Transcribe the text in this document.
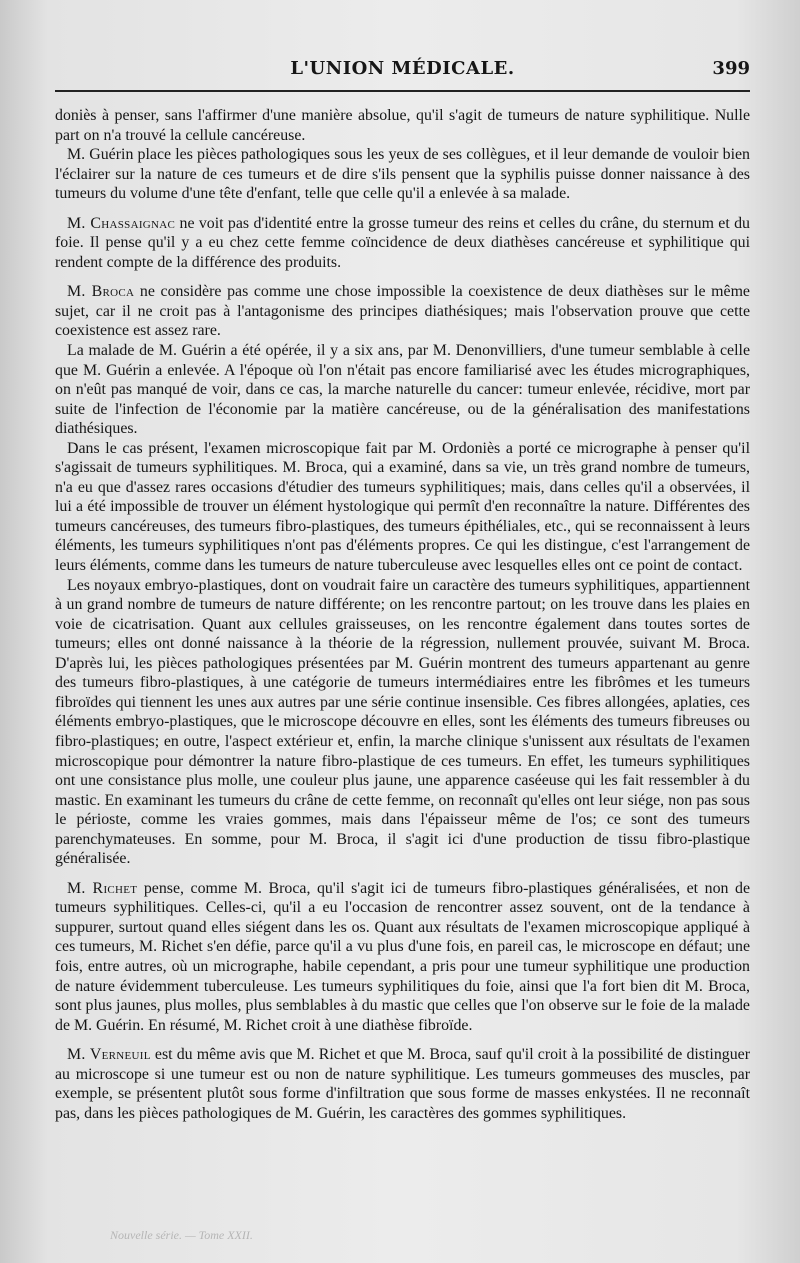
L'UNION MÉDICALE.	399

doniès à penser, sans l'affirmer d'une manière absolue, qu'il s'agit de tumeurs de nature syphilitique. Nulle part on n'a trouvé la cellule cancéreuse.

M. Guérin place les pièces pathologiques sous les yeux de ses collègues, et il leur demande de vouloir bien l'éclairer sur la nature de ces tumeurs et de dire s'ils pensent que la syphilis puisse donner naissance à des tumeurs du volume d'une tête d'enfant, telle que celle qu'il a enlevée à sa malade.

M. Chassaignac ne voit pas d'identité entre la grosse tumeur des reins et celles du crâne, du sternum et du foie. Il pense qu'il y a eu chez cette femme coïncidence de deux diathèses cancéreuse et syphilitique qui rendent compte de la différence des produits.

M. Broca ne considère pas comme une chose impossible la coexistence de deux diathèses sur le même sujet, car il ne croit pas à l'antagonisme des principes diathésiques; mais l'observation prouve que cette coexistence est assez rare.

La malade de M. Guérin a été opérée, il y a six ans, par M. Denonvilliers, d'une tumeur semblable à celle que M. Guérin a enlevée. A l'époque où l'on n'était pas encore familiarisé avec les études micrographiques, on n'eût pas manqué de voir, dans ce cas, la marche naturelle du cancer: tumeur enlevée, récidive, mort par suite de l'infection de l'économie par la matière cancéreuse, ou de la généralisation des manifestations diathésiques.

Dans le cas présent, l'examen microscopique fait par M. Ordoniès a porté ce micrographe à penser qu'il s'agissait de tumeurs syphilitiques. M. Broca, qui a examiné, dans sa vie, un très grand nombre de tumeurs, n'a eu que d'assez rares occasions d'étudier des tumeurs syphilitiques; mais, dans celles qu'il a observées, il lui a été impossible de trouver un élément hystologique qui permît d'en reconnaître la nature. Différentes des tumeurs cancéreuses, des tumeurs fibro-plastiques, des tumeurs épithéliales, etc., qui se reconnaissent à leurs éléments, les tumeurs syphilitiques n'ont pas d'éléments propres. Ce qui les distingue, c'est l'arrangement de leurs éléments, comme dans les tumeurs de nature tuberculeuse avec lesquelles elles ont ce point de contact.

Les noyaux embryo-plastiques, dont on voudrait faire un caractère des tumeurs syphilitiques, appartiennent à un grand nombre de tumeurs de nature différente; on les rencontre partout; on les trouve dans les plaies en voie de cicatrisation. Quant aux cellules graisseuses, on les rencontre également dans toutes sortes de tumeurs; elles ont donné naissance à la théorie de la régression, nullement prouvée, suivant M. Broca. D'après lui, les pièces pathologiques présentées par M. Guérin montrent des tumeurs appartenant au genre des tumeurs fibro-plastiques, à une catégorie de tumeurs intermédiaires entre les fibrômes et les tumeurs fibroïdes qui tiennent les unes aux autres par une série continue insensible. Ces fibres allongées, aplaties, ces éléments embryo-plastiques, que le microscope découvre en elles, sont les éléments des tumeurs fibreuses ou fibro-plastiques; en outre, l'aspect extérieur et, enfin, la marche clinique s'unissent aux résultats de l'examen microscopique pour démontrer la nature fibro-plastique de ces tumeurs. En effet, les tumeurs syphilitiques ont une consistance plus molle, une couleur plus jaune, une apparence caséeuse qui les fait ressembler à du mastic. En examinant les tumeurs du crâne de cette femme, on reconnaît qu'elles ont leur siége, non pas sous le périoste, comme les vraies gommes, mais dans l'épaisseur même de l'os; ce sont des tumeurs parenchymateuses. En somme, pour M. Broca, il s'agit ici d'une production de tissu fibro-plastique généralisée.

M. Richet pense, comme M. Broca, qu'il s'agit ici de tumeurs fibro-plastiques généralisées, et non de tumeurs syphilitiques. Celles-ci, qu'il a eu l'occasion de rencontrer assez souvent, ont de la tendance à suppurer, surtout quand elles siégent dans les os. Quant aux résultats de l'examen microscopique appliqué à ces tumeurs, M. Richet s'en défie, parce qu'il a vu plus d'une fois, en pareil cas, le microscope en défaut; une fois, entre autres, où un micrographe, habile cependant, a pris pour une tumeur syphilitique une production de nature évidemment tuberculeuse. Les tumeurs syphilitiques du foie, ainsi que l'a fort bien dit M. Broca, sont plus jaunes, plus molles, plus semblables à du mastic que celles que l'on observe sur le foie de la malade de M. Guérin. En résumé, M. Richet croit à une diathèse fibroïde.

M. Verneuil est du même avis que M. Richet et que M. Broca, sauf qu'il croit à la possibilité de distinguer au microscope si une tumeur est ou non de nature syphilitique. Les tumeurs gommeuses des muscles, par exemple, se présentent plutôt sous forme d'infiltration que sous forme de masses enkystées. Il ne reconnaît pas, dans les pièces pathologiques de M. Guérin, les caractères des gommes syphilitiques.

Nouvelle série. — Tome XXII.
